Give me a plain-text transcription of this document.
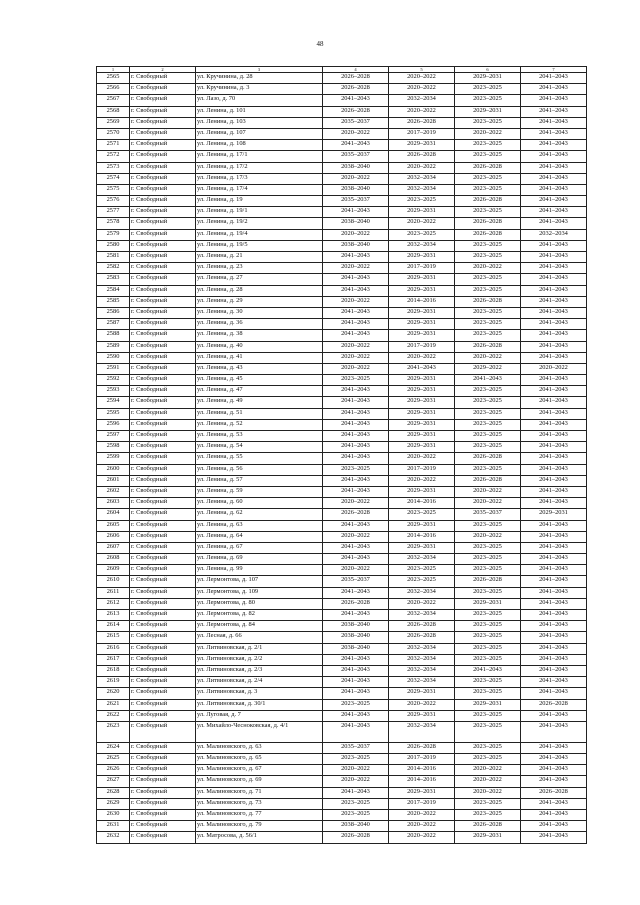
48
1	2	3	4	5	6	7
2565	г. Свободный	ул. Кручинина, д. 28	2026–2028	2020–2022	2029–2031	2041–2043
2566	г. Свободный	ул. Кручинина, д. 3	2026–2028	2020–2022	2023–2025	2041–2043
2567	г. Свободный	ул. Лазо, д. 70	2041–2043	2032–2034	2023–2025	2041–2043
2568	г. Свободный	ул. Ленина, д. 101	2026–2028	2020–2022	2029–2031	2041–2043
2569	г. Свободный	ул. Ленина, д. 103	2035–2037	2026–2028	2023–2025	2041–2043
2570	г. Свободный	ул. Ленина, д. 107	2020–2022	2017–2019	2020–2022	2041–2043
2571	г. Свободный	ул. Ленина, д. 108	2041–2043	2029–2031	2023–2025	2041–2043
2572	г. Свободный	ул. Ленина, д. 17/1	2035–2037	2026–2028	2023–2025	2041–2043
2573	г. Свободный	ул. Ленина, д. 17/2	2038–2040	2020–2022	2026–2028	2041–2043
2574	г. Свободный	ул. Ленина, д. 17/3	2020–2022	2032–2034	2023–2025	2041–2043
2575	г. Свободный	ул. Ленина, д. 17/4	2038–2040	2032–2034	2023–2025	2041–2043
2576	г. Свободный	ул. Ленина, д. 19	2035–2037	2023–2025	2026–2028	2041–2043
2577	г. Свободный	ул. Ленина, д. 19/1	2041–2043	2029–2031	2023–2025	2041–2043
2578	г. Свободный	ул. Ленина, д. 19/2	2038–2040	2020–2022	2026–2028	2041–2043
2579	г. Свободный	ул. Ленина, д. 19/4	2020–2022	2023–2025	2026–2028	2032–2034
2580	г. Свободный	ул. Ленина, д. 19/5	2038–2040	2032–2034	2023–2025	2041–2043
2581	г. Свободный	ул. Ленина, д. 21	2041–2043	2029–2031	2023–2025	2041–2043
2582	г. Свободный	ул. Ленина, д. 23	2020–2022	2017–2019	2020–2022	2041–2043
2583	г. Свободный	ул. Ленина, д. 27	2041–2043	2029–2031	2023–2025	2041–2043
2584	г. Свободный	ул. Ленина, д. 28	2041–2043	2029–2031	2023–2025	2041–2043
2585	г. Свободный	ул. Ленина, д. 29	2020–2022	2014–2016	2026–2028	2041–2043
2586	г. Свободный	ул. Ленина, д. 30	2041–2043	2029–2031	2023–2025	2041–2043
2587	г. Свободный	ул. Ленина, д. 36	2041–2043	2029–2031	2023–2025	2041–2043
2588	г. Свободный	ул. Ленина, д. 38	2041–2043	2029–2031	2023–2025	2041–2043
2589	г. Свободный	ул. Ленина, д. 40	2020–2022	2017–2019	2026–2028	2041–2043
2590	г. Свободный	ул. Ленина, д. 41	2020–2022	2020–2022	2020–2022	2041–2043
2591	г. Свободный	ул. Ленина, д. 43	2020–2022	2041–2043	2029–2022	2020–2022
2592	г. Свободный	ул. Ленина, д. 45	2023–2025	2029–2031	2041–2043	2041–2043
2593	г. Свободный	ул. Ленина, д. 47	2041–2043	2029–2031	2023–2025	2041–2043
2594	г. Свободный	ул. Ленина, д. 49	2041–2043	2029–2031	2023–2025	2041–2043
2595	г. Свободный	ул. Ленина, д. 51	2041–2043	2029–2031	2023–2025	2041–2043
2596	г. Свободный	ул. Ленина, д. 52	2041–2043	2029–2031	2023–2025	2041–2043
2597	г. Свободный	ул. Ленина, д. 53	2041–2043	2029–2031	2023–2025	2041–2043
2598	г. Свободный	ул. Ленина, д. 54	2041–2043	2029–2031	2023–2025	2041–2043
2599	г. Свободный	ул. Ленина, д. 55	2041–2043	2020–2022	2026–2028	2041–2043
2600	г. Свободный	ул. Ленина, д. 56	2023–2025	2017–2019	2023–2025	2041–2043
2601	г. Свободный	ул. Ленина, д. 57	2041–2043	2020–2022	2026–2028	2041–2043
2602	г. Свободный	ул. Ленина, д. 59	2041–2043	2029–2031	2020–2022	2041–2043
2603	г. Свободный	ул. Ленина, д. 60	2020–2022	2014–2016	2020–2022	2041–2043
2604	г. Свободный	ул. Ленина, д. 62	2026–2028	2023–2025	2035–2037	2029–2031
2605	г. Свободный	ул. Ленина, д. 63	2041–2043	2029–2031	2023–2025	2041–2043
2606	г. Свободный	ул. Ленина, д. 64	2020–2022	2014–2016	2020–2022	2041–2043
2607	г. Свободный	ул. Ленина, д. 67	2041–2043	2029–2031	2023–2025	2041–2043
2608	г. Свободный	ул. Ленина, д. 69	2041–2043	2032–2034	2023–2025	2041–2043
2609	г. Свободный	ул. Ленина, д. 99	2020–2022	2023–2025	2023–2025	2041–2043
2610	г. Свободный	ул. Лермонтова, д. 107	2035–2037	2023–2025	2026–2028	2041–2043
2611	г. Свободный	ул. Лермонтова, д. 109	2041–2043	2032–2034	2023–2025	2041–2043
2612	г. Свободный	ул. Лермонтова, д. 80	2026–2028	2020–2022	2029–2031	2041–2043
2613	г. Свободный	ул. Лермонтова, д. 82	2041–2043	2032–2034	2023–2025	2041–2043
2614	г. Свободный	ул. Лермонтова, д. 84	2038–2040	2026–2028	2023–2025	2041–2043
2615	г. Свободный	ул. Лесная, д. 66	2038–2040	2026–2028	2023–2025	2041–2043
2616	г. Свободный	ул. Литвиновская, д. 2/1	2038–2040	2032–2034	2023–2025	2041–2043
2617	г. Свободный	ул. Литвиновская, д. 2/2	2041–2043	2032–2034	2023–2025	2041–2043
2618	г. Свободный	ул. Литвиновская, д. 2/3	2041–2043	2032–2034	2041–2043	2041–2043
2619	г. Свободный	ул. Литвиновская, д. 2/4	2041–2043	2032–2034	2023–2025	2041–2043
2620	г. Свободный	ул. Литвиновская, д. 3	2041–2043	2029–2031	2023–2025	2041–2043
2621	г. Свободный	ул. Литвиновская, д. 30/1	2023–2025	2020–2022	2029–2031	2026–2028
2622	г. Свободный	ул. Луговая, д. 7	2041–2043	2029–2031	2023–2025	2041–2043
2623	г. Свободный	ул. Михайло-Чесноковская, д. 4/1	2041–2043	2032–2034	2023–2025	2041–2043
2624	г. Свободный	ул. Малиновского, д. 63	2035–2037	2026–2028	2023–2025	2041–2043
2625	г. Свободный	ул. Малиновского, д. 65	2023–2025	2017–2019	2023–2025	2041–2043
2626	г. Свободный	ул. Малиновского, д. 67	2020–2022	2014–2016	2020–2022	2041–2043
2627	г. Свободный	ул. Малиновского, д. 69	2020–2022	2014–2016	2020–2022	2041–2043
2628	г. Свободный	ул. Малиновского, д. 71	2041–2043	2029–2031	2020–2022	2026–2028
2629	г. Свободный	ул. Малиновского, д. 73	2023–2025	2017–2019	2023–2025	2041–2043
2630	г. Свободный	ул. Малиновского, д. 77	2023–2025	2020–2022	2023–2025	2041–2043
2631	г. Свободный	ул. Малиновского, д. 79	2038–2040	2020–2022	2026–2028	2041–2043
2632	г. Свободный	ул. Матросова, д. 56/1	2026–2028	2020–2022	2029–2031	2041–2043
